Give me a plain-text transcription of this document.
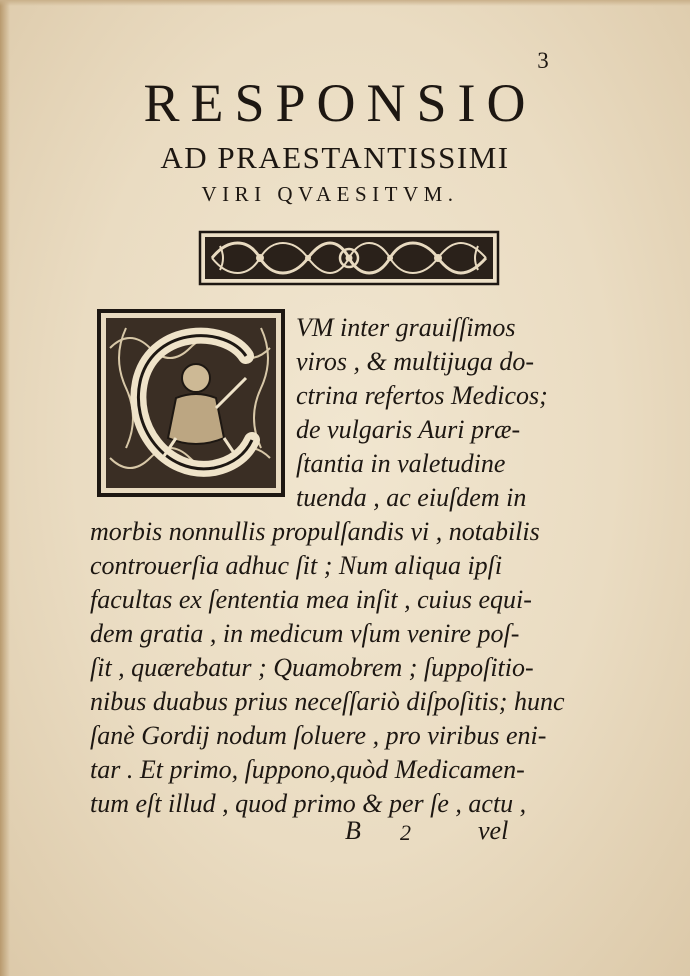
3
RESPONSIO
AD PRAESTANTISSIMI
VIRI QVAESITVM.
VM inter grauiſſimos
viros , & multijuga do-
ctrina refertos Medicos;
de vulgaris Auri præ-
ſtantia in valetudine
tuenda , ac eiuſdem in
morbis nonnullis propulſandis vi , notabilis
controuerſia adhuc ſit ; Num aliqua ipſi
facultas ex ſententia mea inſit , cuius equi-
dem gratia , in medicum vſum venire poſ-
ſit , quærebatur ; Quamobrem ; ſuppoſitio-
nibus duabus prius neceſſariò diſpoſitis; hunc
ſanè Gordij nodum ſoluere , pro viribus eni-
tar . Et primo, ſuppono,quòd Medicamen-
tum eſt illud , quod primo & per ſe , actu ,
B 2	vel
